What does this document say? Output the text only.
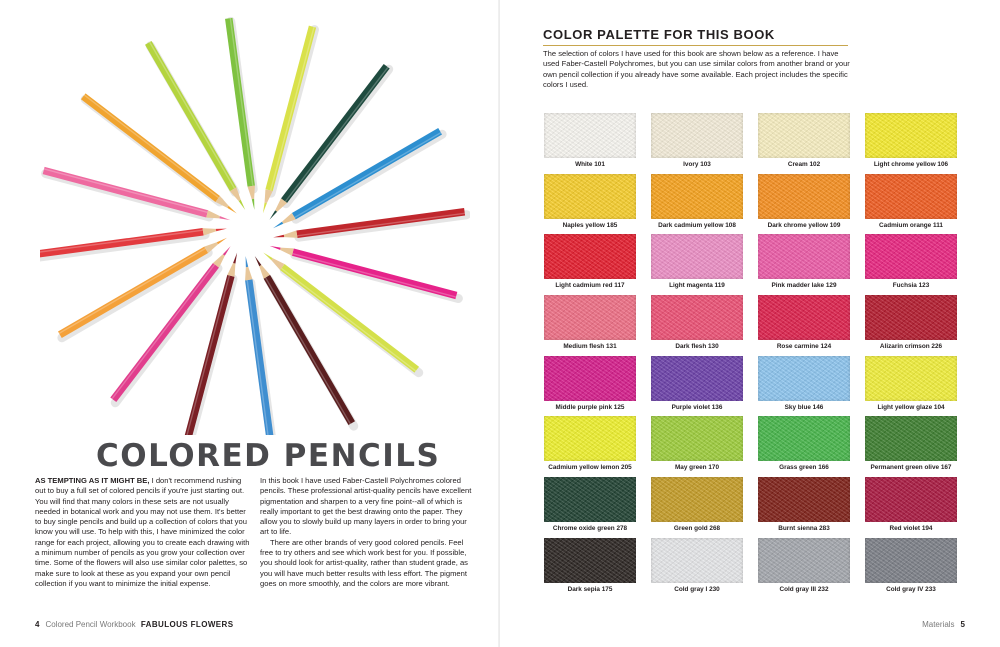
COLORED PENCILS

AS TEMPTING AS IT MIGHT BE, I don't recommend rushing out to buy a full set of colored pencils if you're just starting out. You will find that many colors in these sets are not usually needed in botanical work and you may not use them. It's better to buy single pencils and build up a collection of colors that you know you will use. To help with this, I have minimized the color range for each project, allowing you to create each drawing with a minimum number of pencils as you grow your collection over time. Some of the flowers will also use similar color palettes, so make sure to look at these as you expand your own pencil collection if you want to minimize the initial expense.

In this book I have used Faber-Castell Polychromes colored pencils. These professional artist-quality pencils have excellent pigmentation and sharpen to a very fine point--all of which is really important to get the best drawing onto the paper. They allow you to slowly build up many layers in order to bring your art to life.

There are other brands of very good colored pencils. Feel free to try others and see which work best for you. If possible, you should look for artist-quality, rather than student grade, as you will have much better results with less effort. The pigment goes on more smoothly, and the colors are more vibrant.

4 Colored Pencil Workbook FABULOUS FLOWERS
COLOR PALETTE FOR THIS BOOK

The selection of colors I have used for this book are shown below as a reference. I have used Faber-Castell Polychromes, but you can use similar colors from another brand or your own pencil collection if you already have some available. Each project includes the specific colors I used.

White 101	Ivory 103	Cream 102	Light chrome yellow 106
Naples yellow 185	Dark cadmium yellow 108	Dark chrome yellow 109	Cadmium orange 111
Light cadmium red 117	Light magenta 119	Pink madder lake 129	Fuchsia 123
Medium flesh 131	Dark flesh 130	Rose carmine 124	Alizarin crimson 226
Middle purple pink 125	Purple violet 136	Sky blue 146	Light yellow glaze 104
Cadmium yellow lemon 205	May green 170	Grass green 166	Permanent green olive 167
Chrome oxide green 278	Green gold 268	Burnt sienna 283	Red violet 194
Dark sepia 175	Cold gray I 230	Cold gray III 232	Cold gray IV 233
Materials 5
